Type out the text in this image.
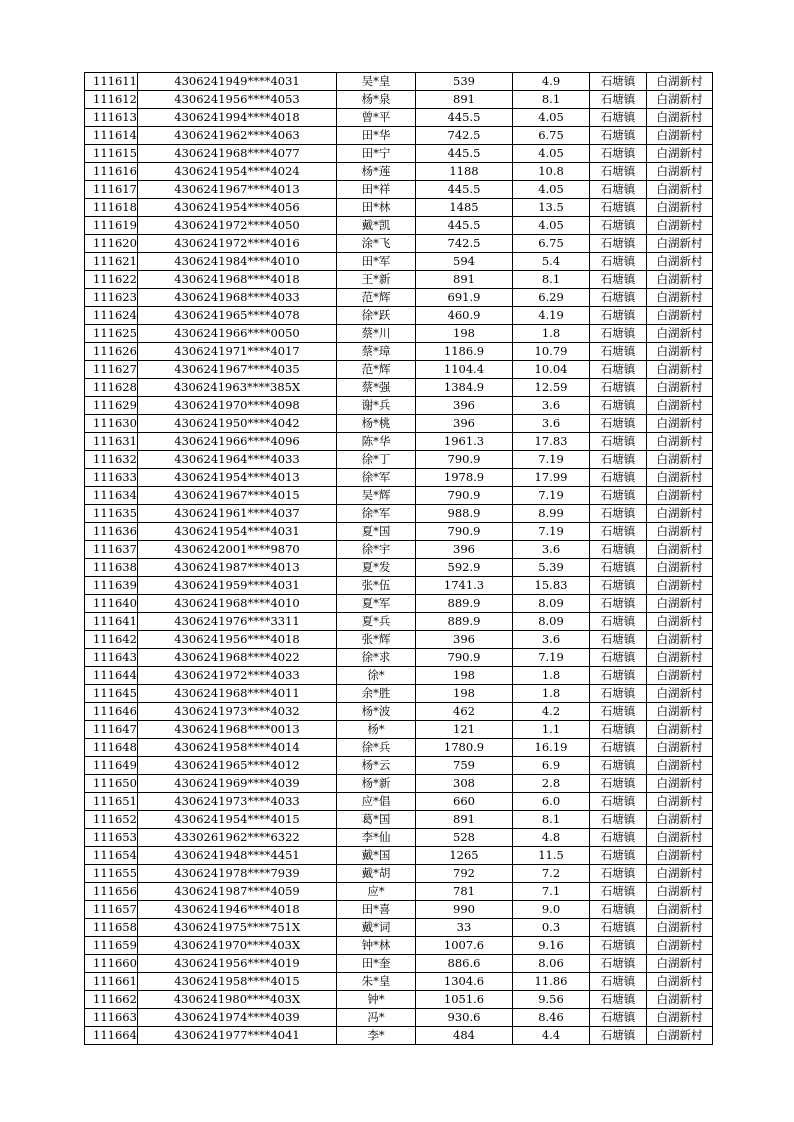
111611	4306241949****4031	吴*皇	539	4.9	石塘镇	白湖新村
111612	4306241956****4053	杨*泉	891	8.1	石塘镇	白湖新村
111613	4306241994****4018	曾*平	445.5	4.05	石塘镇	白湖新村
111614	4306241962****4063	田*华	742.5	6.75	石塘镇	白湖新村
111615	4306241968****4077	田*宁	445.5	4.05	石塘镇	白湖新村
111616	4306241954****4024	杨*莲	1188	10.8	石塘镇	白湖新村
111617	4306241967****4013	田*祥	445.5	4.05	石塘镇	白湖新村
111618	4306241954****4056	田*林	1485	13.5	石塘镇	白湖新村
111619	4306241972****4050	戴*凯	445.5	4.05	石塘镇	白湖新村
111620	4306241972****4016	涂*飞	742.5	6.75	石塘镇	白湖新村
111621	4306241984****4010	田*军	594	5.4	石塘镇	白湖新村
111622	4306241968****4018	王*新	891	8.1	石塘镇	白湖新村
111623	4306241968****4033	范*辉	691.9	6.29	石塘镇	白湖新村
111624	4306241965****4078	徐*跃	460.9	4.19	石塘镇	白湖新村
111625	4306241966****0050	蔡*川	198	1.8	石塘镇	白湖新村
111626	4306241971****4017	蔡*璋	1186.9	10.79	石塘镇	白湖新村
111627	4306241967****4035	范*辉	1104.4	10.04	石塘镇	白湖新村
111628	4306241963****385X	蔡*强	1384.9	12.59	石塘镇	白湖新村
111629	4306241970****4098	谢*兵	396	3.6	石塘镇	白湖新村
111630	4306241950****4042	杨*桃	396	3.6	石塘镇	白湖新村
111631	4306241966****4096	陈*华	1961.3	17.83	石塘镇	白湖新村
111632	4306241964****4033	徐*丁	790.9	7.19	石塘镇	白湖新村
111633	4306241954****4013	徐*军	1978.9	17.99	石塘镇	白湖新村
111634	4306241967****4015	吴*辉	790.9	7.19	石塘镇	白湖新村
111635	4306241961****4037	徐*军	988.9	8.99	石塘镇	白湖新村
111636	4306241954****4031	夏*国	790.9	7.19	石塘镇	白湖新村
111637	4306242001****9870	徐*宇	396	3.6	石塘镇	白湖新村
111638	4306241987****4013	夏*发	592.9	5.39	石塘镇	白湖新村
111639	4306241959****4031	张*伍	1741.3	15.83	石塘镇	白湖新村
111640	4306241968****4010	夏*军	889.9	8.09	石塘镇	白湖新村
111641	4306241976****3311	夏*兵	889.9	8.09	石塘镇	白湖新村
111642	4306241956****4018	张*辉	396	3.6	石塘镇	白湖新村
111643	4306241968****4022	徐*求	790.9	7.19	石塘镇	白湖新村
111644	4306241972****4033	徐*	198	1.8	石塘镇	白湖新村
111645	4306241968****4011	余*胜	198	1.8	石塘镇	白湖新村
111646	4306241973****4032	杨*波	462	4.2	石塘镇	白湖新村
111647	4306241968****0013	杨*	121	1.1	石塘镇	白湖新村
111648	4306241958****4014	徐*兵	1780.9	16.19	石塘镇	白湖新村
111649	4306241965****4012	杨*云	759	6.9	石塘镇	白湖新村
111650	4306241969****4039	杨*新	308	2.8	石塘镇	白湖新村
111651	4306241973****4033	应*倡	660	6.0	石塘镇	白湖新村
111652	4306241954****4015	葛*国	891	8.1	石塘镇	白湖新村
111653	4330261962****6322	李*仙	528	4.8	石塘镇	白湖新村
111654	4306241948****4451	戴*国	1265	11.5	石塘镇	白湖新村
111655	4306241978****7939	戴*胡	792	7.2	石塘镇	白湖新村
111656	4306241987****4059	应*	781	7.1	石塘镇	白湖新村
111657	4306241946****4018	田*喜	990	9.0	石塘镇	白湖新村
111658	4306241975****751X	戴*词	33	0.3	石塘镇	白湖新村
111659	4306241970****403X	钟*林	1007.6	9.16	石塘镇	白湖新村
111660	4306241956****4019	田*奎	886.6	8.06	石塘镇	白湖新村
111661	4306241958****4015	朱*皇	1304.6	11.86	石塘镇	白湖新村
111662	4306241980****403X	钟*	1051.6	9.56	石塘镇	白湖新村
111663	4306241974****4039	冯*	930.6	8.46	石塘镇	白湖新村
111664	4306241977****4041	李*	484	4.4	石塘镇	白湖新村
